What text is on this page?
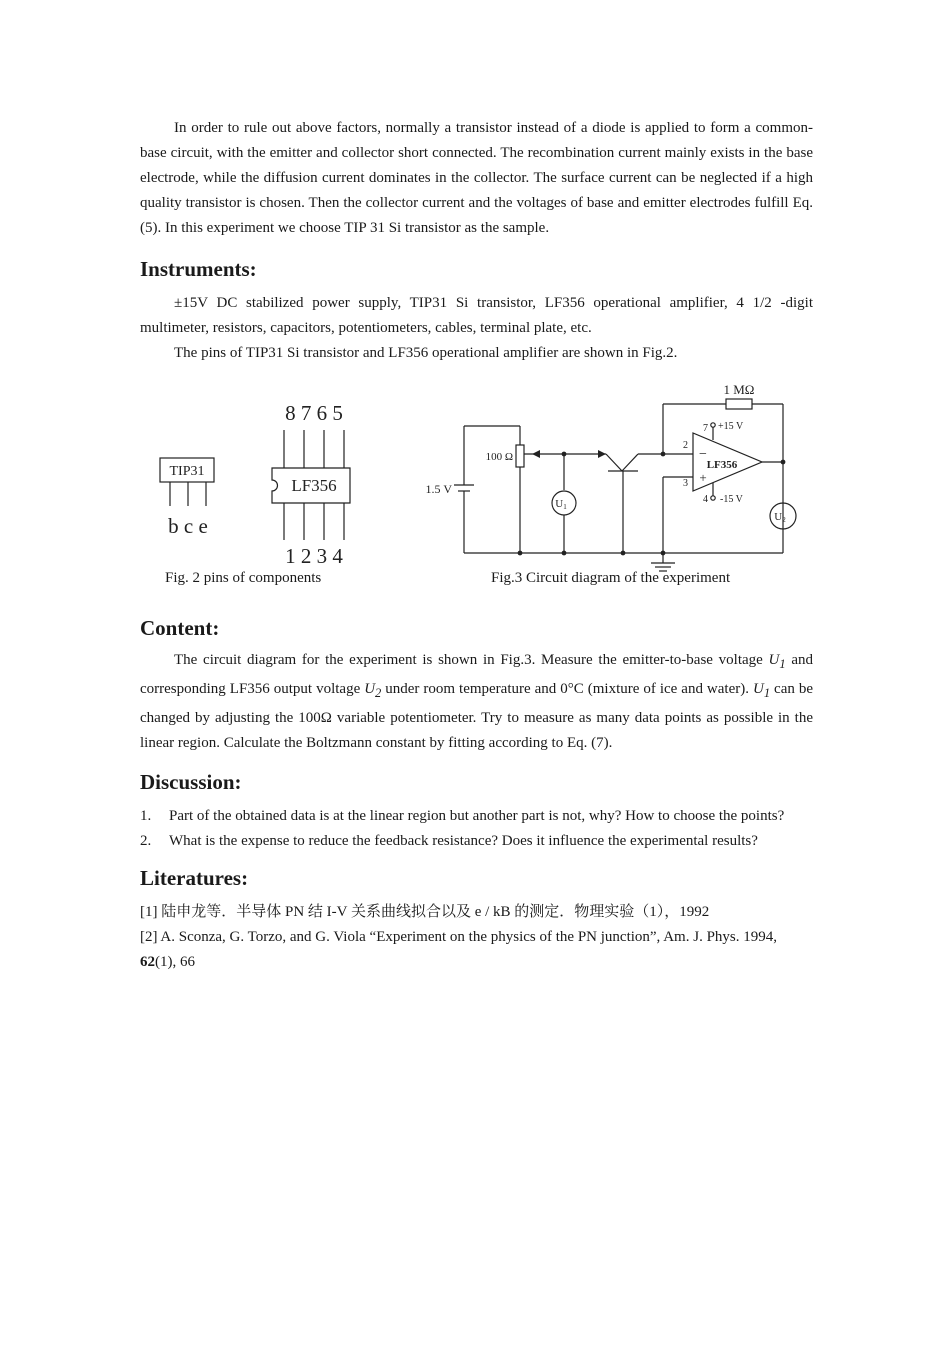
In order to rule out above factors, normally a transistor instead of a diode is applied to form a common-base circuit, with the emitter and collector short connected. The recombination current mainly exists in the base electrode, while the diffusion current dominates in the collector. The surface current can be neglected if a high quality transistor is chosen. Then the collector current and the voltages of base and emitter electrodes fulfill Eq. (5). In this experiment we choose TIP 31 Si transistor as the sample.

Instruments:

±15V DC stabilized power supply, TIP31 Si transistor, LF356 operational amplifier, 4 1/2 -digit multimeter, resistors, capacitors, potentiometers, cables, terminal plate, etc.

The pins of TIP31 Si transistor and LF356 operational amplifier are shown in Fig.2.

TIP31
b c e
LF356
8 7 6 5
1 2 3 4
1 MΩ
100 Ω
1.5 V
LF356
7 +15 V
2
3
4 -15 V
−
+
U1
U2
Fig. 2 pins of components	Fig.3 Circuit diagram of the experiment
Content:

The circuit diagram for the experiment is shown in Fig.3. Measure the emitter-to-base voltage $U_1$ and corresponding LF356 output voltage $U_2$ under room temperature and 0°C (mixture of ice and water). $U_1$ can be changed by adjusting the 100Ω variable potentiometer. Try to measure as many data points as possible in the linear region. Calculate the Boltzmann constant by fitting according to Eq. (7).

Discussion:
1. Part of the obtained data is at the linear region but another part is not, why? How to choose the points?
2. What is the expense to reduce the feedback resistance? Does it influence the experimental results?
Literatures:

[1] 陆申龙等．半导体 PN 结 I-V 关系曲线拟合以及 e / kB 的测定．物理实验（1），1992

[2] A. Sconza, G. Torzo, and G. Viola “Experiment on the physics of the PN junction”, Am. J. Phys. 1994, 62(1), 66
